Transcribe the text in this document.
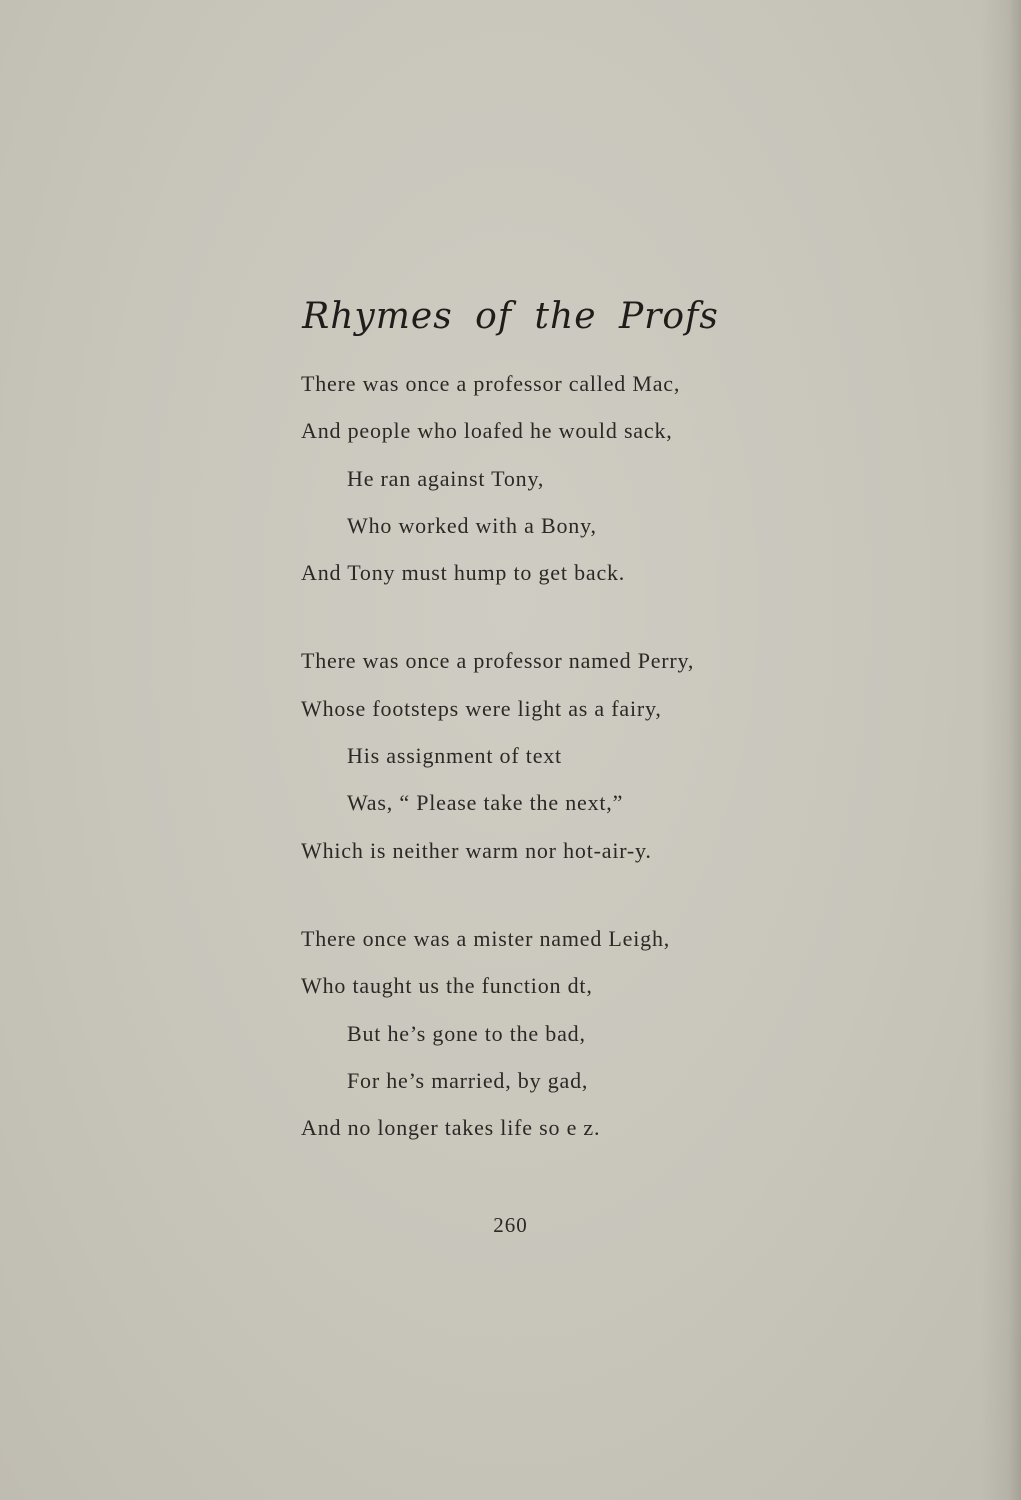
Rhymes of the Profs
There was once a professor called Mac,
And people who loafed he would sack,
He ran against Tony,
Who worked with a Bony,
And Tony must hump to get back.
There was once a professor named Perry,
Whose footsteps were light as a fairy,
His assignment of text
Was, “ Please take the next,”
Which is neither warm nor hot-air-y.
There once was a mister named Leigh,
Who taught us the function dt,
But he’s gone to the bad,
For he’s married, by gad,
And no longer takes life so e z.
260
